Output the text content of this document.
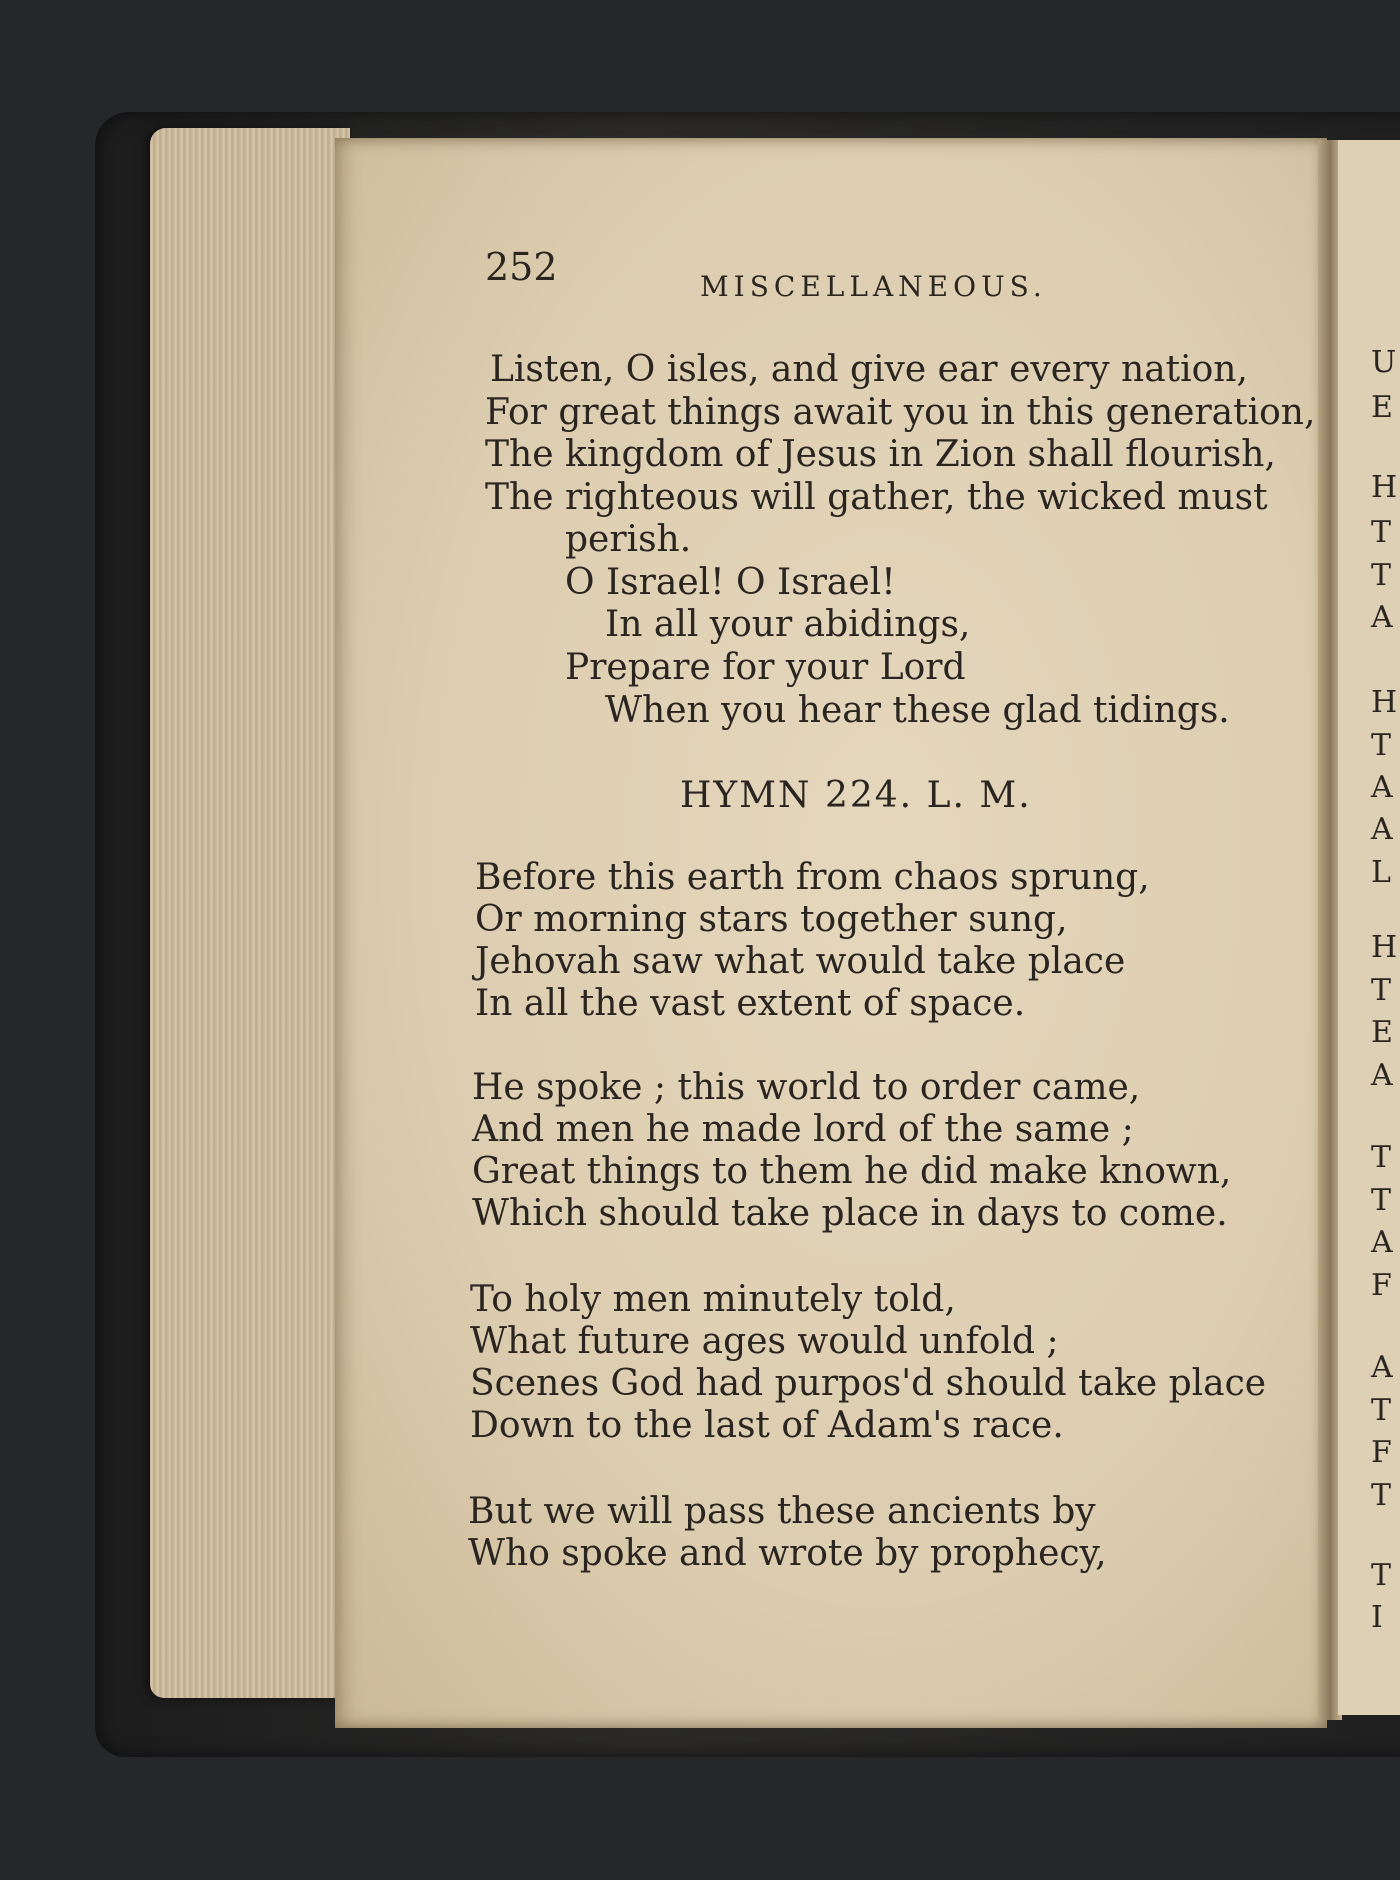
U
E
H
T
T
A
H
T
A
A
L
H
T
E
A
T
T
A
F
A
T
F
T
T
I
252	MISCELLANEOUS.
Listen, O isles, and give ear every nation,
For great things await you in this generation,
The kingdom of Jesus in Zion shall flourish,
The righteous will gather, the wicked must
perish.
O Israel! O Israel!
In all your abidings,
Prepare for your Lord
When you hear these glad tidings.
HYMN 224. L. M.
Before this earth from chaos sprung,
Or morning stars together sung,
Jehovah saw what would take place
In all the vast extent of space.
He spoke ; this world to order came,
And men he made lord of the same ;
Great things to them he did make known,
Which should take place in days to come.
To holy men minutely told,
What future ages would unfold ;
Scenes God had purpos'd should take place
Down to the last of Adam's race.
But we will pass these ancients by
Who spoke and wrote by prophecy,
